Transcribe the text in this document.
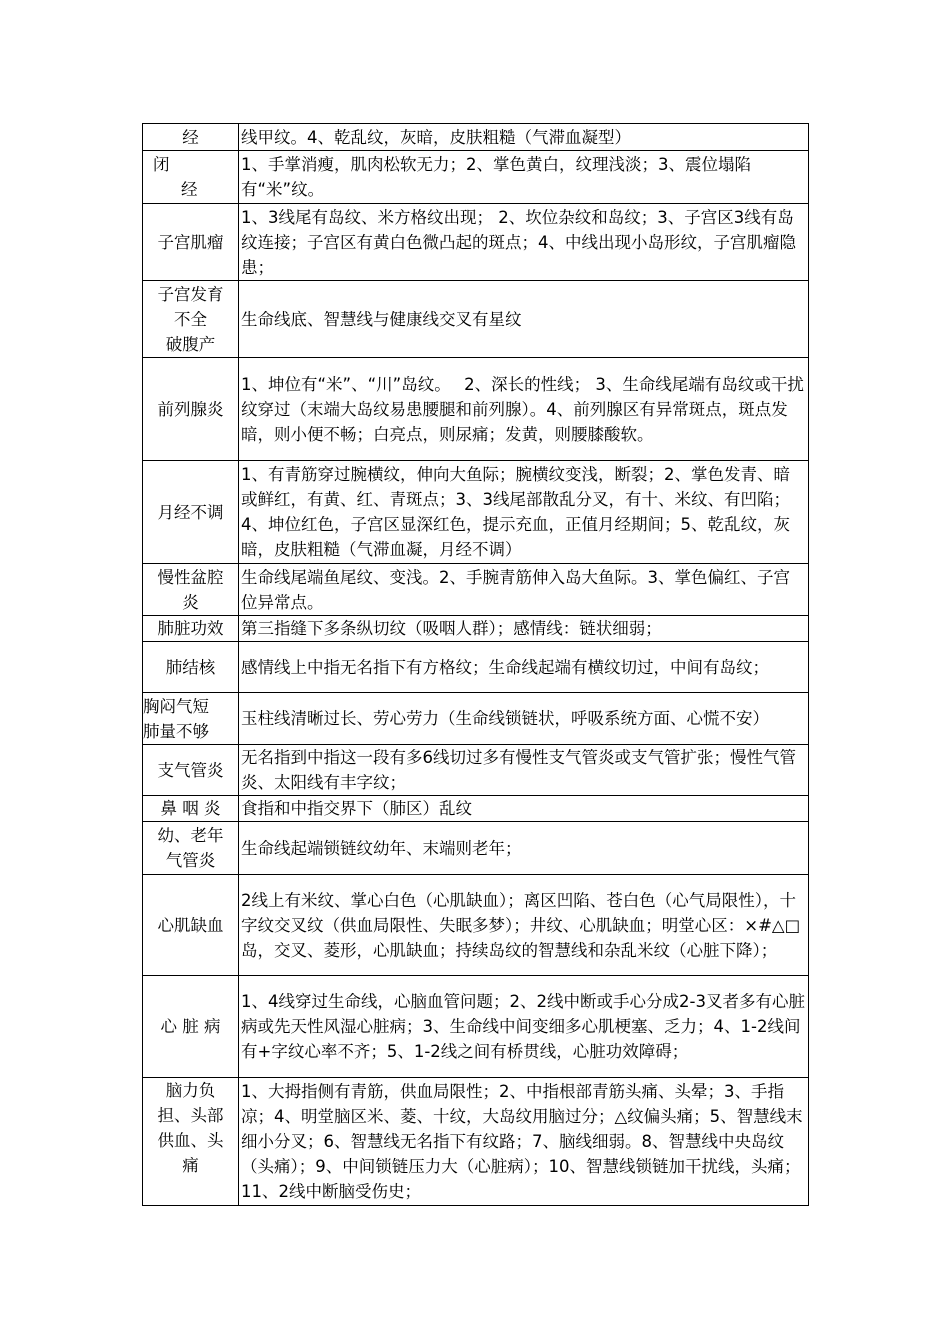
经	线甲纹。4、乾乱纹，灰暗，皮肤粗糙（气滞血凝型）

闭
经	1、手掌消瘦，肌肉松软无力；2、掌色黄白，纹理浅淡；3、震位塌陷有“米”纹。

子宫肌瘤	1、3线尾有岛纹、米方格纹出现； 2、坎位杂纹和岛纹；3、子宫区3线有岛纹连接；子宫区有黄白色微凸起的斑点；4、中线出现小岛形纹，子宫肌瘤隐患；

子宫发育
不全
破腹产	生命线底、智慧线与健康线交叉有星纹

前列腺炎	1、坤位有“米”、“川”岛纹。　 2、深长的性线； 3、生命线尾端有岛纹或干扰纹穿过（末端大岛纹易患腰腿和前列腺）。4、前列腺区有异常斑点，斑点发暗，则小便不畅；白亮点，则尿痛；发黄，则腰膝酸软。

月经不调	1、有青筋穿过腕横纹，伸向大鱼际；腕横纹变浅，断裂；2、掌色发青、暗或鲜红，有黄、红、青斑点；3、3线尾部散乱分叉，有十、米纹、有凹陷；4、坤位红色，子宫区显深红色，提示充血，正值月经期间；5、乾乱纹，灰暗，皮肤粗糙（气滞血凝，月经不调）

慢性盆腔
炎	生命线尾端鱼尾纹、变浅。2、手腕青筋伸入岛大鱼际。3、掌色偏红、子宫位异常点。

肺脏功效	第三指缝下多条纵切纹（吸咽人群）；感情线：链状细弱；

肺结核	感情线上中指无名指下有方格纹；生命线起端有横纹切过，中间有岛纹；

胸闷气短
肺量不够	玉柱线清晰过长、劳心劳力（生命线锁链状，呼吸系统方面、心慌不安）

支气管炎	无名指到中指这一段有多6线切过多有慢性支气管炎或支气管扩张；慢性气管炎、太阳线有丰字纹；

鼻 咽 炎	食指和中指交界下（肺区）乱纹

幼、老年
气管炎	生命线起端锁链纹幼年、末端则老年；

心肌缺血	2线上有米纹、掌心白色（心肌缺血）；离区凹陷、苍白色（心气局限性），十字纹交叉纹（供血局限性、失眠多梦）；井纹、心肌缺血；明堂心区：×#△□岛，交叉、菱形，心肌缺血；持续岛纹的智慧线和杂乱米纹（心脏下降）；

心 脏 病	1、4线穿过生命线，心脑血管问题；2、2线中断或手心分成2-3叉者多有心脏病或先天性风湿心脏病；3、生命线中间变细多心肌梗塞、乏力；4、1-2线间有+字纹心率不齐；5、1-2线之间有桥贯线，心脏功效障碍；

脑力负
担、头部
供血、头
痛	1、大拇指侧有青筋，供血局限性；2、中指根部青筋头痛、头晕；3、手指凉；4、明堂脑区米、菱、十纹，大岛纹用脑过分；△纹偏头痛；5、智慧线末细小分叉；6、智慧线无名指下有纹路；7、脑线细弱。8、智慧线中央岛纹（头痛）；9、中间锁链压力大（心脏病）；10、智慧线锁链加干扰线，头痛；11、2线中断脑受伤史；
